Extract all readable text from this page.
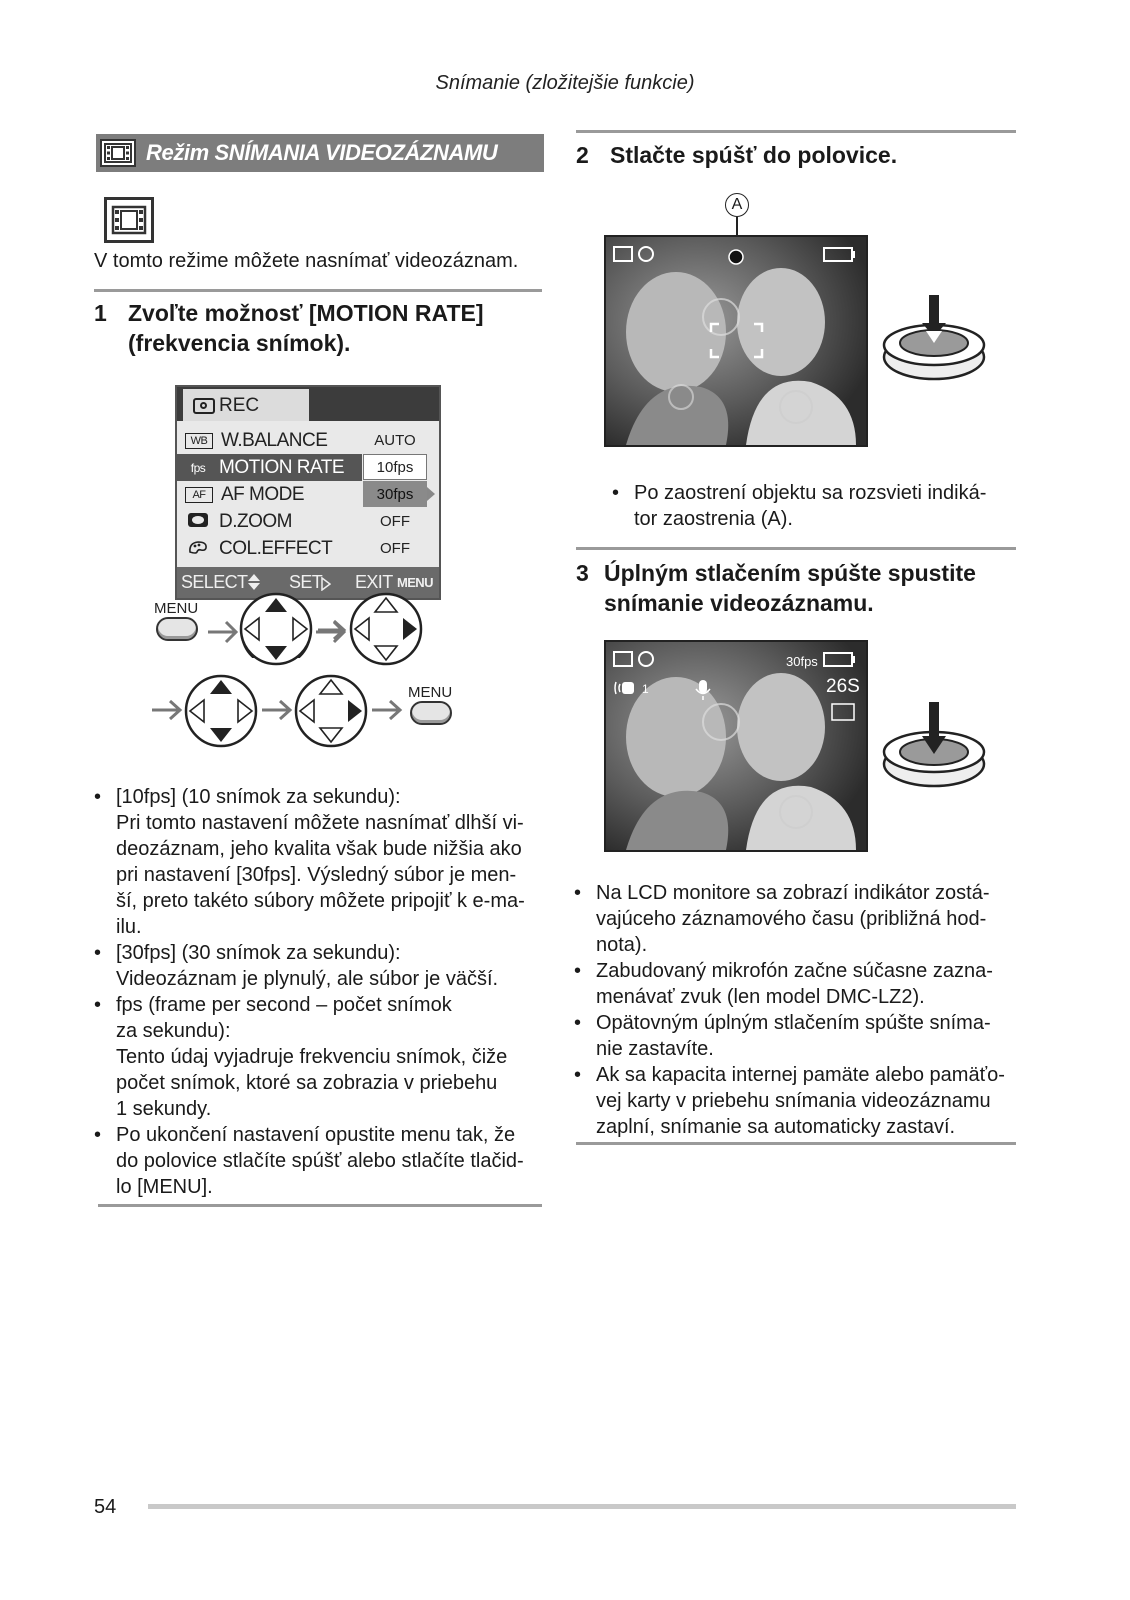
Snímanie (zložitejšie funkcie)
Režim SNÍMANIA VIDEOZÁZNAMU
V tomto režime môžete nasnímať videozáznam.
1 Zvoľte možnosť [MOTION RATE]
(frekvencia snímok).
REC
WB W.BALANCE
fps MOTION RATE
AF AF MODE
D.ZOOM
COL.EFFECT
AUTO
10fps
30fps
OFF
OFF
SELECT SET EXIT MENU
MENU
MENU
• [10fps] (10 snímok za sekundu):
Pri tomto nastavení môžete nasnímať dlhší vi-
deozáznam, jeho kvalita však bude nižšia ako
pri nastavení [30fps]. Výsledný súbor je men-
ší, preto takéto súbory môžete pripojiť k e-ma-
ilu.
• [30fps] (30 snímok za sekundu):
Videozáznam je plynulý, ale súbor je väčší.
• fps (frame per second – počet snímok
za sekundu):
Tento údaj vyjadruje frekvenciu snímok, čiže
počet snímok, ktoré sa zobrazia v priebehu
1 sekundy.
• Po ukončení nastavení opustite menu tak, že
do polovice stlačíte spúšť alebo stlačíte tlačid-
lo [MENU].
2 Stlačte spúšť do polovice.
A
• Po zaostrení objektu sa rozsvieti indiká-
tor zaostrenia (A).
3 Úplným stlačením spúšte spustite
snímanie videozáznamu.
30fps
26S
1
• Na LCD monitore sa zobrazí indikátor zostá-
vajúceho záznamového času (približná hod-
nota).
• Zabudovaný mikrofón začne súčasne zazna-
menávať zvuk (len model DMC-LZ2).
• Opätovným úplným stlačením spúšte sníma-
nie zastavíte.
• Ak sa kapacita internej pamäte alebo pamäťo-
vej karty v priebehu snímania videozáznamu
zaplní, snímanie sa automaticky zastaví.
54
